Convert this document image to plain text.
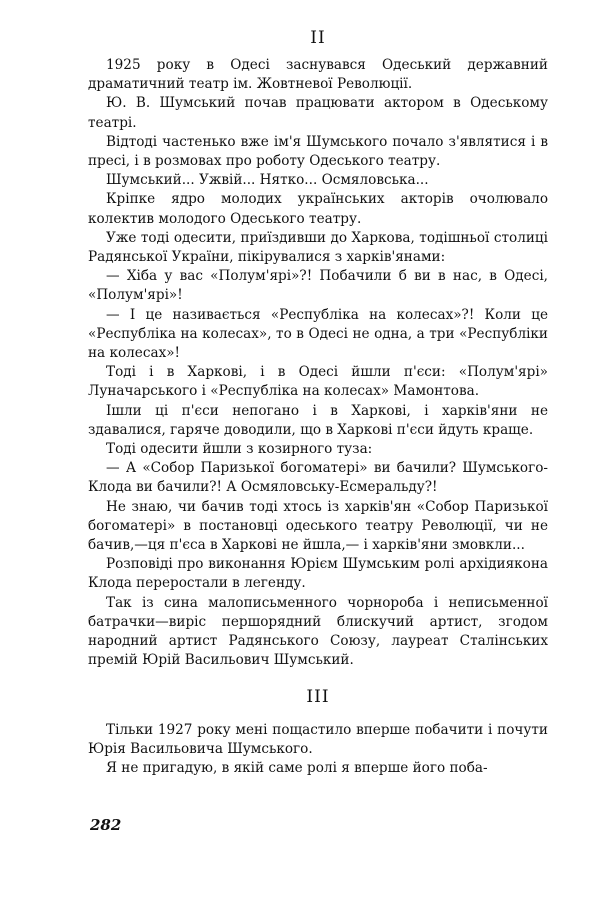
II

1925 року в Одесі заснувався Одеський державний драматичний театр ім. Жовтневої Революції.

Ю. В. Шумський почав працювати актором в Одеському театрі.

Відтоді частенько вже ім'я Шумського почало з'являтися і в пресі, і в розмовах про роботу Одеського театру.

Шумський... Ужвій... Нятко... Осмяловська...

Кріпке ядро молодих українських акторів очолювало колектив молодого Одеського театру.

Уже тоді одесити, приїздивши до Харкова, тодішньої столиці Радянської України, пікірувалися з харків'янами:

— Хіба у вас «Полум'ярі»?! Побачили б ви в нас, в Одесі, «Полум'ярі»!

— І це називається «Республіка на колесах»?! Коли це «Республіка на колесах», то в Одесі не одна, а три «Республіки на колесах»!

Тоді і в Харкові, і в Одесі йшли п'єси: «Полум'ярі» Луначарського і «Республіка на колесах» Мамонтова.

Ішли ці п'єси непогано і в Харкові, і харків'яни не здавалися, гаряче доводили, що в Харкові п'єси йдуть краще.

Тоді одесити йшли з козирного туза:

— А «Собор Паризької богоматері» ви бачили? Шумського-Клода ви бачили?! А Осмяловську-Есмеральду?!

Не знаю, чи бачив тоді хтось із харків'ян «Собор Паризької богоматері» в постановці одеського театру Революції, чи не бачив,—ця п'єса в Харкові не йшла,— і харків'яни змовкли...

Розповіді про виконання Юрієм Шумським ролі архідиякона Клода переростали в легенду.

Так із сина малописьменного чорнороба і неписьменної батрачки—виріс першорядний блискучий артист, згодом народний артист Радянського Союзу, лауреат Сталінських премій Юрій Васильович Шумський.

III

Тільки 1927 року мені пощастило вперше побачити і почути Юрія Васильовича Шумського.

Я не пригадую, в якій саме ролі я вперше його поба-

282
